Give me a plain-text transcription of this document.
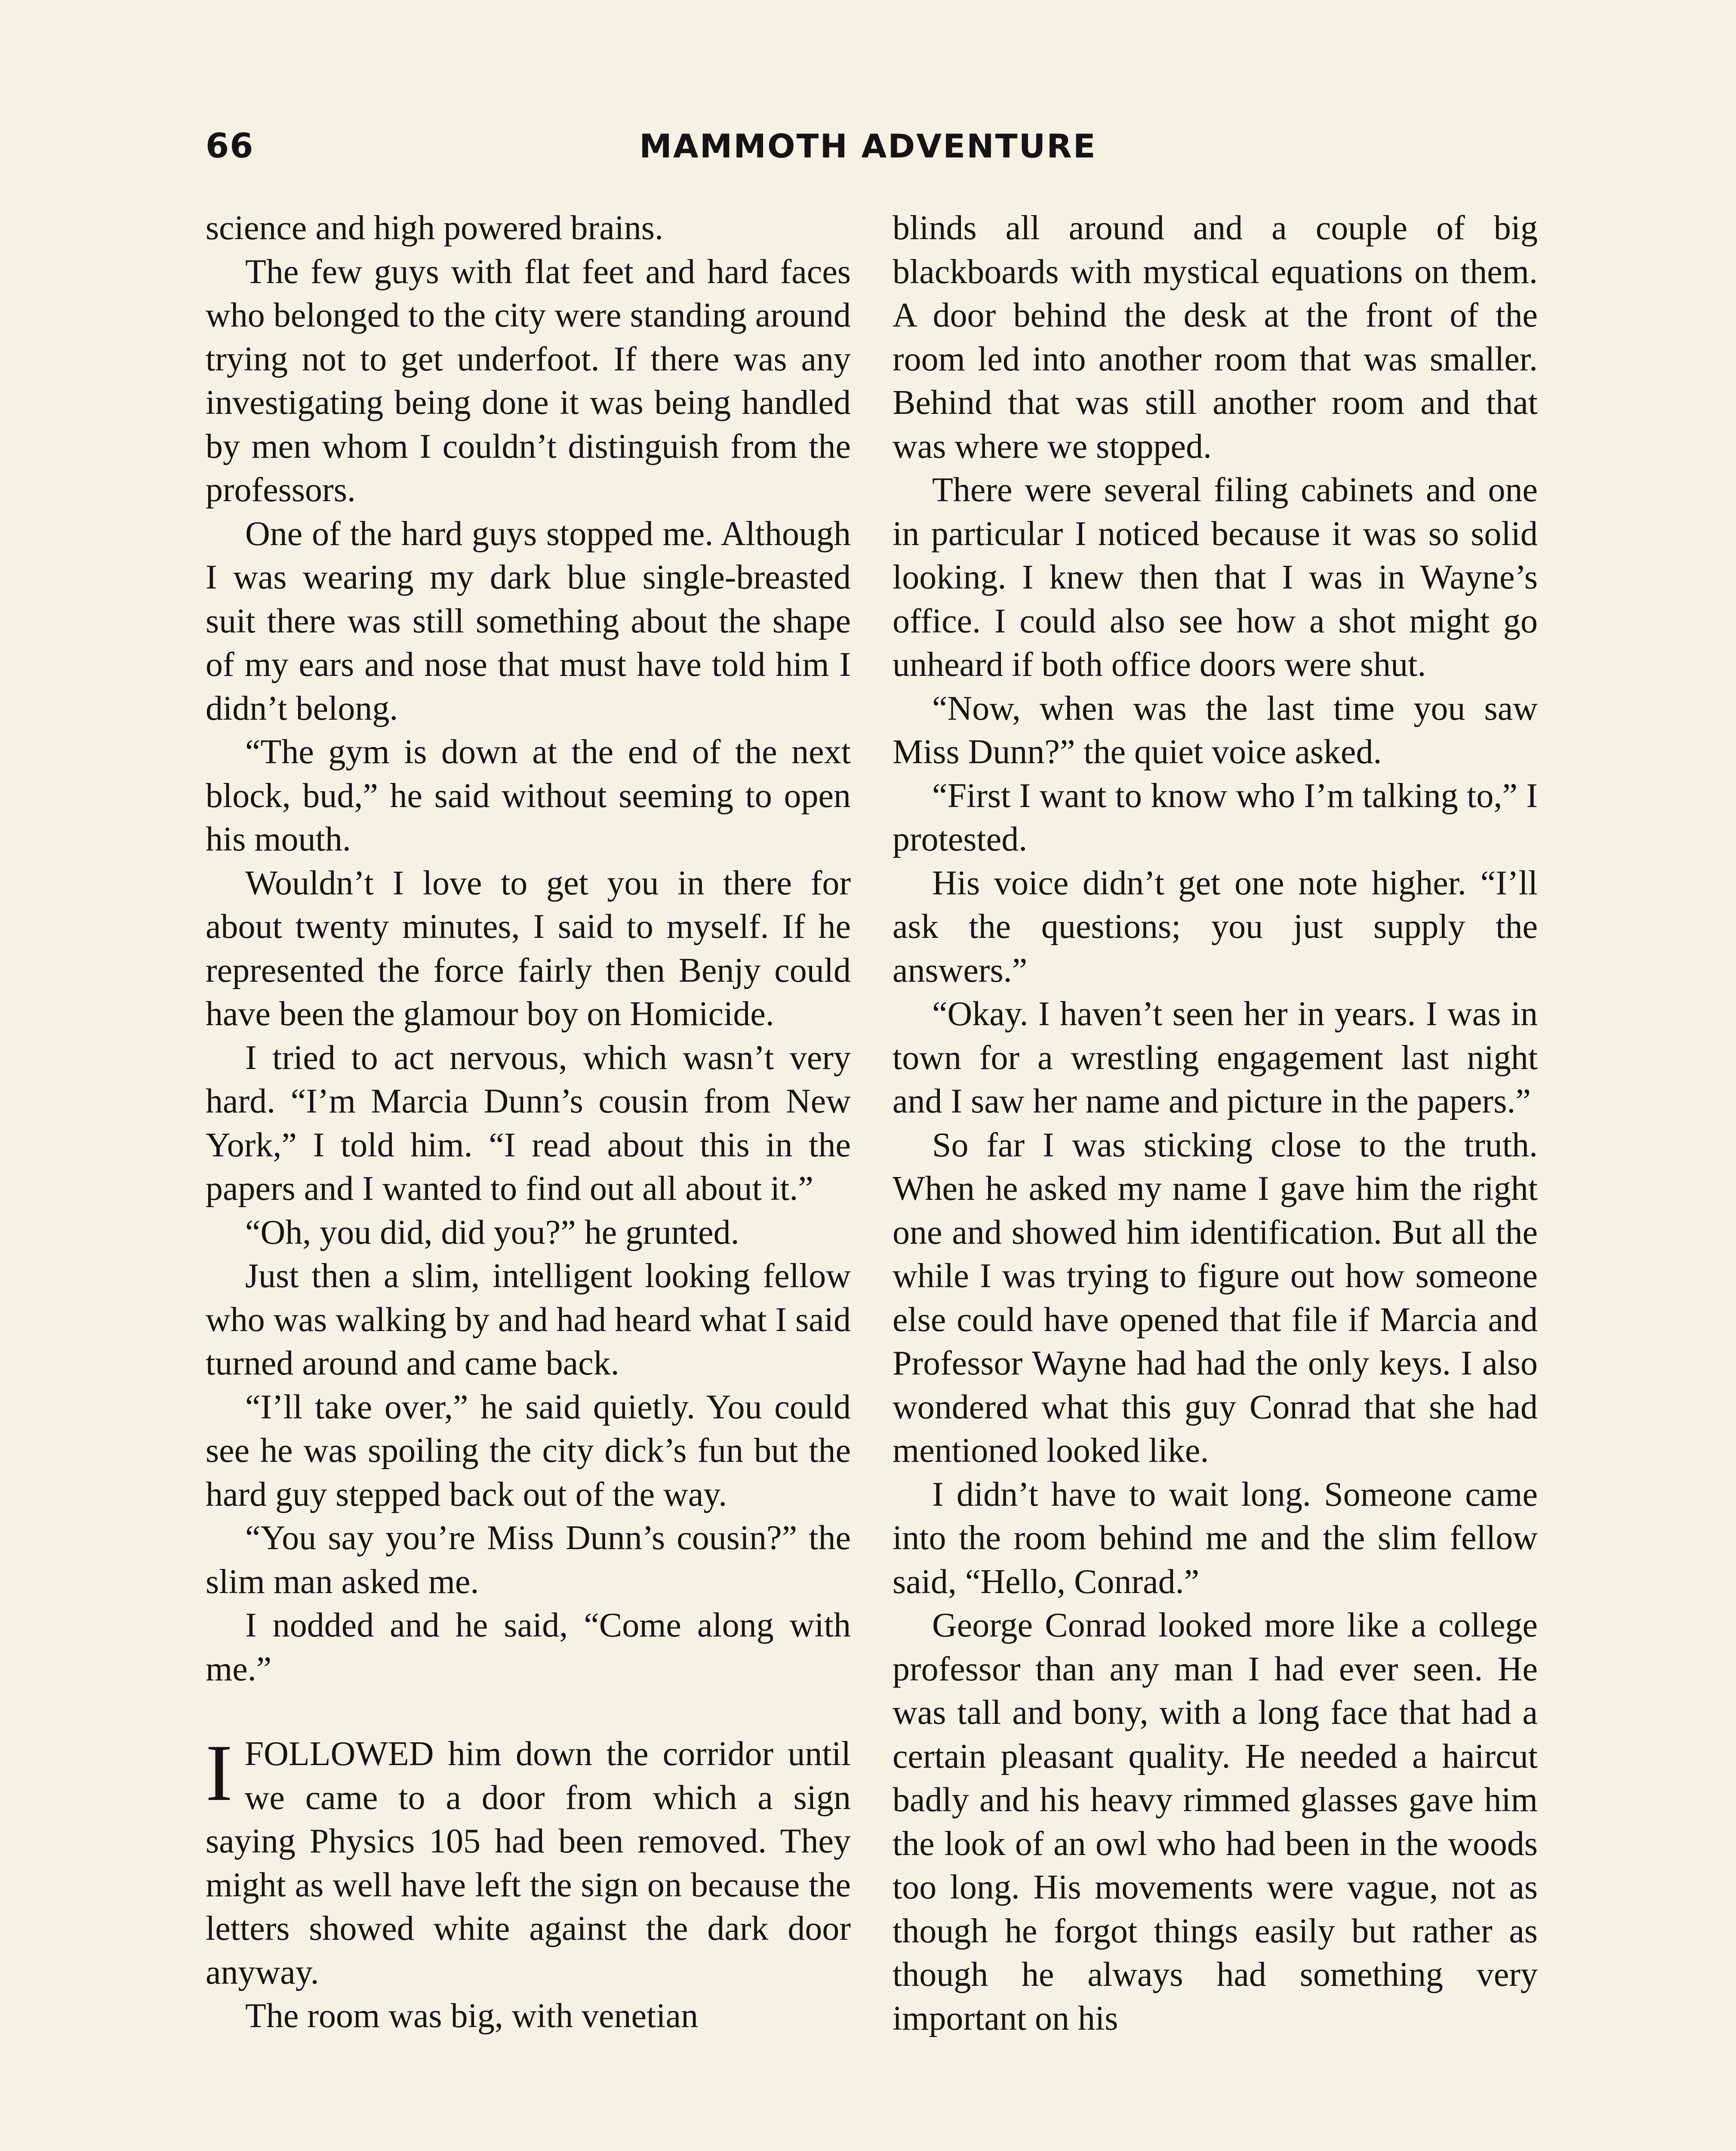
66	MAMMOTH ADVENTURE

science and high powered brains.

The few guys with flat feet and hard faces who belonged to the city were standing around trying not to get underfoot. If there was any investigating being done it was being handled by men whom I couldn’t distinguish from the professors.

One of the hard guys stopped me. Although I was wearing my dark blue single-breasted suit there was still something about the shape of my ears and nose that must have told him I didn’t belong.

“The gym is down at the end of the next block, bud,” he said without seeming to open his mouth.

Wouldn’t I love to get you in there for about twenty minutes, I said to myself. If he represented the force fairly then Benjy could have been the glamour boy on Homicide.

I tried to act nervous, which wasn’t very hard. “I’m Marcia Dunn’s cousin from New York,” I told him. “I read about this in the papers and I wanted to find out all about it.”

“Oh, you did, did you?” he grunted.

Just then a slim, intelligent looking fellow who was walking by and had heard what I said turned around and came back.

“I’ll take over,” he said quietly. You could see he was spoiling the city dick’s fun but the hard guy stepped back out of the way.

“You say you’re Miss Dunn’s cousin?” the slim man asked me.

I nodded and he said, “Come along with me.”

I FOLLOWED him down the corridor until we came to a door from which a sign saying Physics 105 had been removed. They might as well have left the sign on because the letters showed white against the dark door anyway.

The room was big, with venetian

blinds all around and a couple of big blackboards with mystical equations on them. A door behind the desk at the front of the room led into another room that was smaller. Behind that was still another room and that was where we stopped.

There were several filing cabinets and one in particular I noticed because it was so solid looking. I knew then that I was in Wayne’s office. I could also see how a shot might go unheard if both office doors were shut.

“Now, when was the last time you saw Miss Dunn?” the quiet voice asked.

“First I want to know who I’m talking to,” I protested.

His voice didn’t get one note higher. “I’ll ask the questions; you just supply the answers.”

“Okay. I haven’t seen her in years. I was in town for a wrestling engagement last night and I saw her name and picture in the papers.”

So far I was sticking close to the truth. When he asked my name I gave him the right one and showed him identification. But all the while I was trying to figure out how someone else could have opened that file if Marcia and Professor Wayne had had the only keys. I also wondered what this guy Conrad that she had mentioned looked like.

I didn’t have to wait long. Someone came into the room behind me and the slim fellow said, “Hello, Conrad.”

George Conrad looked more like a college professor than any man I had ever seen. He was tall and bony, with a long face that had a certain pleasant quality. He needed a haircut badly and his heavy rimmed glasses gave him the look of an owl who had been in the woods too long. His movements were vague, not as though he forgot things easily but rather as though he always had something very important on his
